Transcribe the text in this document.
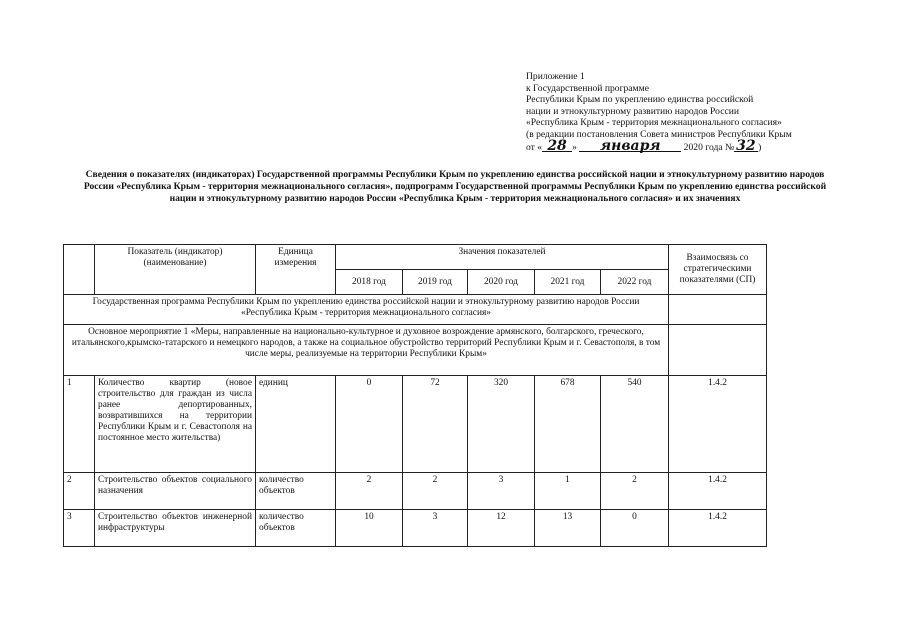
Приложение 1
к Государственной программе
Республики Крым по укреплению единства российской
нации и этнокультурному развитию народов России
«Республика Крым - территория межнационального согласия»
(в редакции постановления Совета министров Республики Крым
от « 28 » января 2020 года № 32 )
Сведения о показателях (индикаторах) Государственной программы Республики Крым по укреплению единства российской нации и этнокультурному развитию народов России «Республика Крым - территория межнационального согласия», подпрограмм Государственной программы Республики Крым по укреплению единства российской нации и этнокультурному развитию народов России «Республика Крым - территория межнационального согласия» и их значениях
	Показатель (индикатор) (наименование)	Единица измерения	Значения показателей					Взаимосвязь со стратегическими показателями (СП)
			2018 год	2019 год	2020 год	2021 год	2022 год	
Государственная программа Республики Крым по укреплению единства российской нации и этнокультурному развитию народов России «Республика Крым - территория межнационального согласия»								
Основное мероприятие 1 «Меры, направленные на национально-культурное и духовное возрождение армянского, болгарского, греческого, итальянского,крымско-татарского и немецкого народов, а также на социальное обустройство территорий Республики Крым и г. Севастополя, в том числе меры, реализуемые на территории Республики Крым»								
1	Количество квартир (новое строительство для граждан из числа ранее депортированных, возвратившихся на территории Республики Крым и г. Севастополя на постоянное место жительства)	единиц	0	72	320	678	540	1.4.2
2	Строительство объектов социального назначения	количество объектов	2	2	3	1	2	1.4.2
3	Строительство объектов инженерной инфраструктуры	количество объектов	10	3	12	13	0	1.4.2
